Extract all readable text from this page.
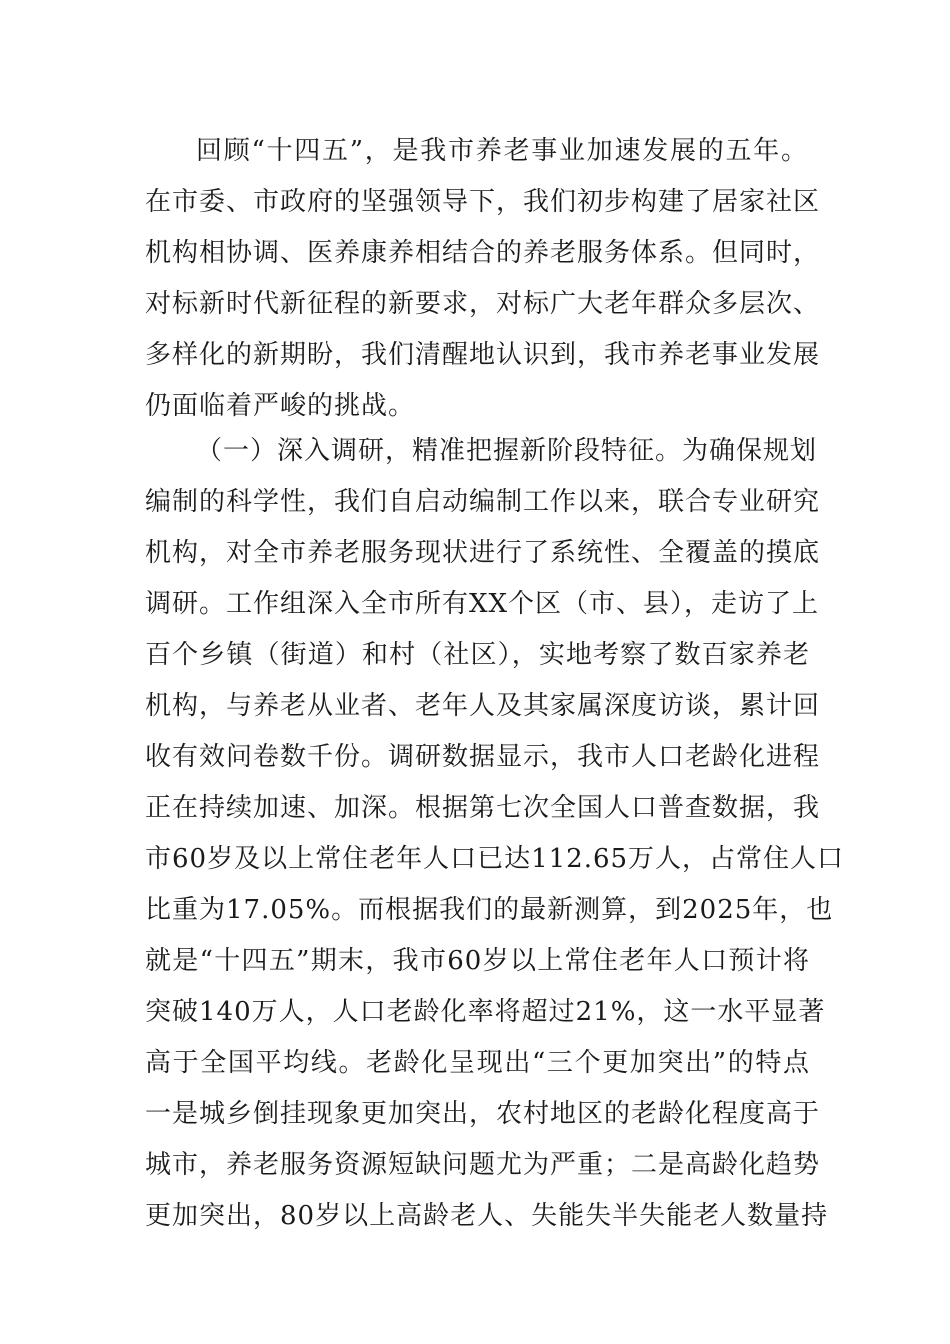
回顾“十四五”，是我市养老事业加速发展的五年。
在市委、市政府的坚强领导下，我们初步构建了居家社区
机构相协调、医养康养相结合的养老服务体系。但同时，
对标新时代新征程的新要求，对标广大老年群众多层次、
多样化的新期盼，我们清醒地认识到，我市养老事业发展
仍面临着严峻的挑战。
（一）深入调研，精准把握新阶段特征。为确保规划
编制的科学性，我们自启动编制工作以来，联合专业研究
机构，对全市养老服务现状进行了系统性、全覆盖的摸底
调研。工作组深入全市所有XX个区（市、县），走访了上
百个乡镇（街道）和村（社区），实地考察了数百家养老
机构，与养老从业者、老年人及其家属深度访谈，累计回
收有效问卷数千份。调研数据显示，我市人口老龄化进程
正在持续加速、加深。根据第七次全国人口普查数据，我
市60岁及以上常住老年人口已达112.65万人，占常住人口
比重为17.05%。而根据我们的最新测算，到2025年，也
就是“十四五”期末，我市60岁以上常住老年人口预计将
突破140万人，人口老龄化率将超过21%，这一水平显著
高于全国平均线。老龄化呈现出“三个更加突出”的特点
一是城乡倒挂现象更加突出，农村地区的老龄化程度高于
城市，养老服务资源短缺问题尤为严重；二是高龄化趋势
更加突出，80岁以上高龄老人、失能失半失能老人数量持
